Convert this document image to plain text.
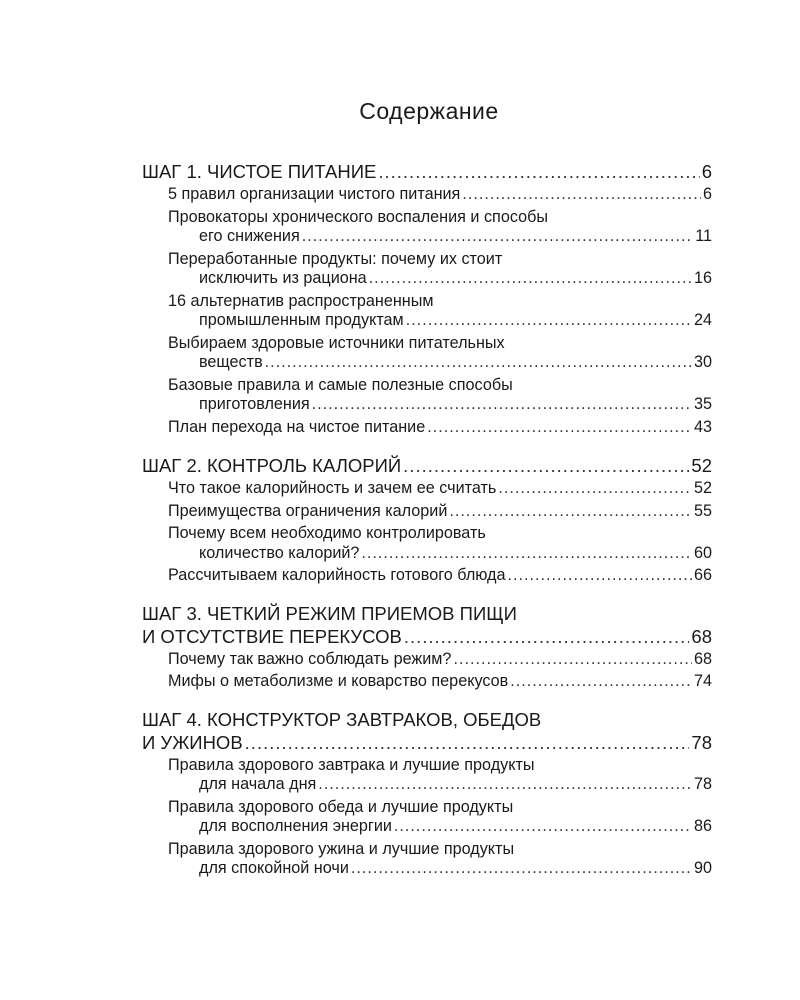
Содержание
ШАГ 1. ЧИСТОЕ ПИТАНИЕ .....	6
5 правил организации чистого питания .....	6
Провокаторы хронического воспаления и способы
его снижения .....	11
Переработанные продукты: почему их стоит
исключить из рациона .....	16
16 альтернатив распространенным
промышленным продуктам .....	24
Выбираем здоровые источники питательных
веществ .....	30
Базовые правила и самые полезные способы
приготовления .....	35
План перехода на чистое питание .....	43
ШАГ 2. КОНТРОЛЬ КАЛОРИЙ .....	52
Что такое калорийность и зачем ее считать .....	52
Преимущества ограничения калорий .....	55
Почему всем необходимо контролировать
количество калорий? .....	60
Рассчитываем калорийность готового блюда .....	66
ШАГ 3. ЧЕТКИЙ РЕЖИМ ПРИЕМОВ ПИЩИ
И ОТСУТСТВИЕ ПЕРЕКУСОВ .....	68
Почему так важно соблюдать режим? .....	68
Мифы о метаболизме и коварство перекусов .....	74
ШАГ 4. КОНСТРУКТОР ЗАВТРАКОВ, ОБЕДОВ
И УЖИНОВ .....	78
Правила здорового завтрака и лучшие продукты
для начала дня .....	78
Правила здорового обеда и лучшие продукты
для восполнения энергии .....	86
Правила здорового ужина и лучшие продукты
для спокойной ночи .....	90
